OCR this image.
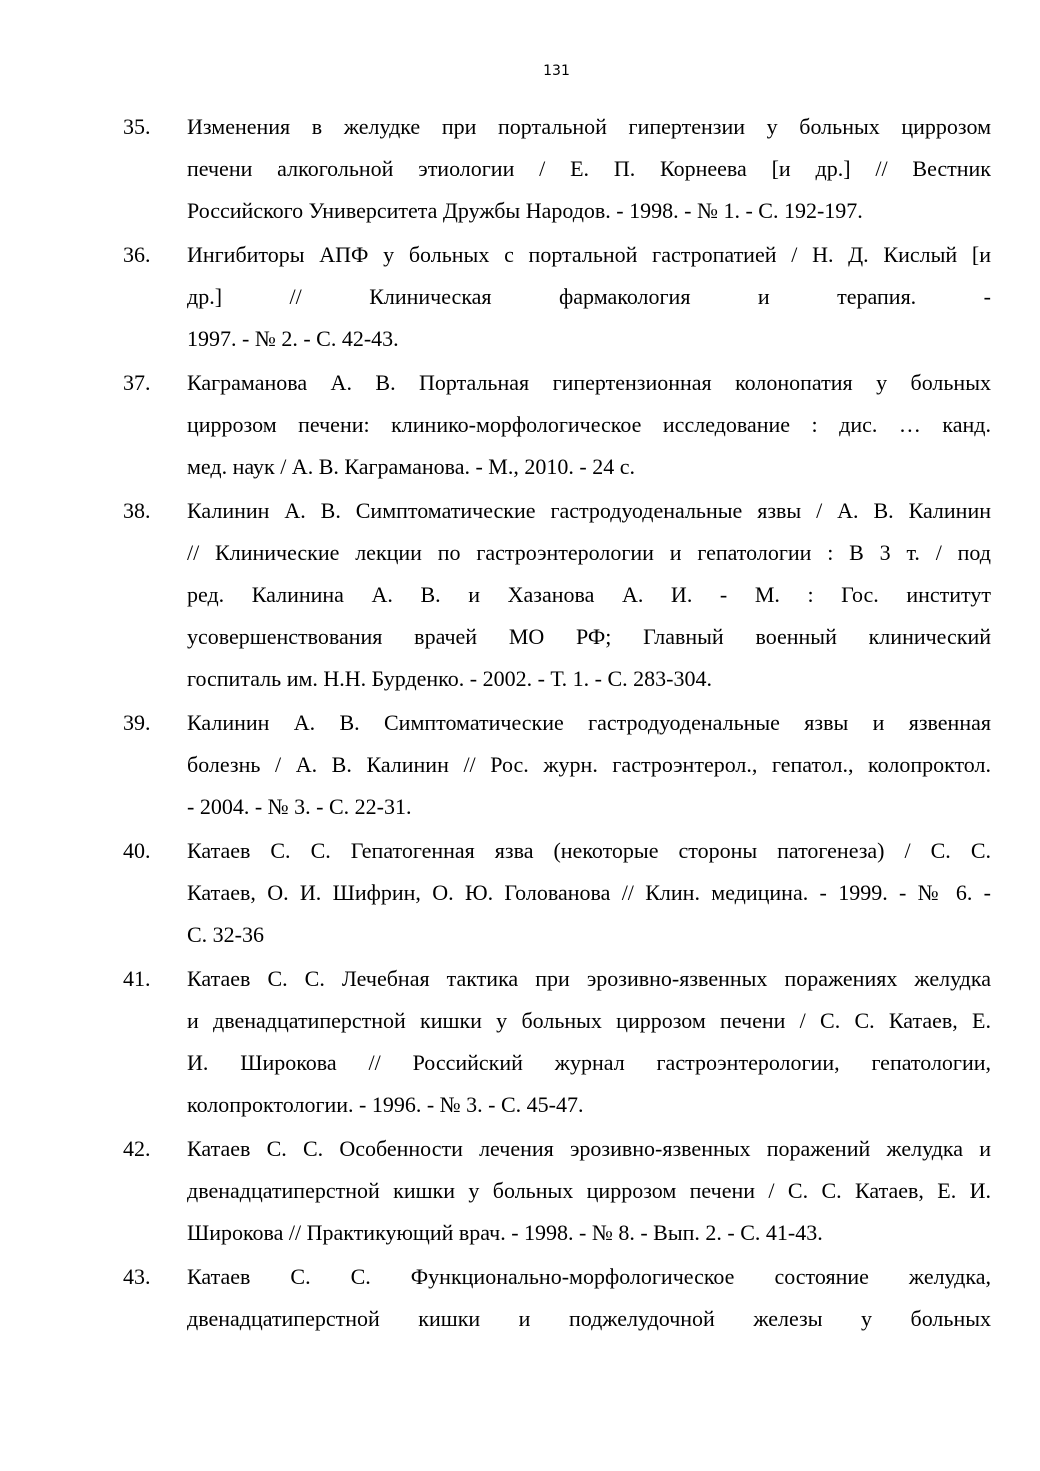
131
35. Изменения в желудке при портальной гипертензии у больных циррозом
печени алкогольной этиологии / Е. П. Корнеева [и др.] // Вестник
Российского Университета Дружбы Народов. - 1998. - № 1. - С. 192-197.
36. Ингибиторы АПФ у больных с портальной гастропатией / Н. Д. Кислый [и
др.] // Клиническая фармакология и терапия. -
1997. - № 2. - С. 42-43.
37. Каграманова А. В. Портальная гипертензионная колонопатия у больных
циррозом печени: клинико-морфологическое исследование : дис. … канд.
мед. наук / А. В. Каграманова. - М., 2010. - 24 с.
38. Калинин А. В. Симптоматические гастродуоденальные язвы / А. В. Калинин
// Клинические лекции по гастроэнтерологии и гепатологии : В 3 т. / под
ред. Калинина А. В. и Хазанова А. И. - М. : Гос. институт
усовершенствования врачей МО РФ; Главный военный клинический
госпиталь им. Н.Н. Бурденко. - 2002. - Т. 1. - С. 283-304.
39. Калинин А. В. Симптоматические гастродуоденальные язвы и язвенная
болезнь / А. В. Калинин // Рос. журн. гастроэнтерол., гепатол., колопроктол.
- 2004. - № 3. - С. 22-31.
40. Катаев С. С. Гепатогенная язва (некоторые стороны патогенеза) / С. С.
Катаев, О. И. Шифрин, О. Ю. Голованова // Клин. медицина. - 1999. - № 6. -
С. 32-36
41. Катаев С. С. Лечебная тактика при эрозивно-язвенных поражениях желудка
и двенадцатиперстной кишки у больных циррозом печени / С. С. Катаев, Е.
И. Широкова // Российский журнал гастроэнтерологии, гепатологии,
колопроктологии. - 1996. - № 3. - С. 45-47.
42. Катаев С. С. Особенности лечения эрозивно-язвенных поражений желудка и
двенадцатиперстной кишки у больных циррозом печени / С. С. Катаев, Е. И.
Широкова // Практикующий врач. - 1998. - № 8. - Вып. 2. - С. 41-43.
43. Катаев С. С. Функционально-морфологическое состояние желудка,
двенадцатиперстной кишки и поджелудочной железы у больных
